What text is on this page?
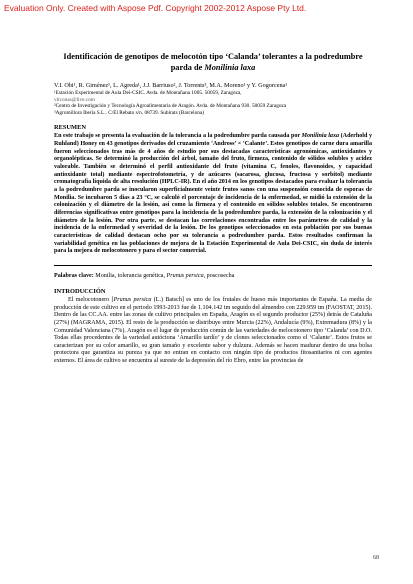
Evaluation Only. Created with Aspose Pdf. Copyright 2002-2012 Aspose Pty Ltd.

Identificación de genotipos de melocotón tipo ‘Calanda’ tolerantes a la podredumbre parda de Monilinia laxa

V.I. Obi¹, R. Giménez¹, L. Agreda¹, J.J. Barriuso², J. Torrents³, M.A. Moreno¹ y Y. Gogorcena¹

¹Estación Experimental de Aula Dei-CSIC. Avda. de Montañana 1005. 50059, Zaragoza,

vitconas@live.com

²Centro de Investigación y Tecnología Agroalimentaria de Aragón. Avda. de Montañana 930. 50059 Zaragoza

³Agromillora Iberia S.L.. C/El Rebato s/n. 08739. Subirats (Barcelona)

RESUMEN

En este trabajo se presenta la evaluación de la tolerancia a la podredumbre parda causada por Monilinia laxa (Aderhold y Ruhland) Honey en 43 genotipos derivados del cruzamiento ‘Andross’ × ‘Calante’. Estos genotipos de carne dura amarilla fueron seleccionados tras más de 4 años de estudio por sus destacadas características agronómicas, antioxidantes y organolépticas. Se determinó la producción del árbol, tamaño del fruto, firmeza, contenido de sólidos solubles y acidez valorable. También se determinó el perfil antioxidante del fruto (vitamina C, fenoles, flavonoides, y capacidad antioxidante total) mediante espectrofotometría, y de azúcares (sacarosa, glucosa, fructosa y sorbitol) mediante cromatografía líquida de alta resolución (HPLC-IR). En el año 2014 en los genotipos destacados para evaluar la tolerancia a la podredumbre parda se inocularon superficialmente veinte frutos sanos con una suspensión conocida de esporas de Monilia. Se incubaron 5 días a 23 °C, se calculó el porcentaje de incidencia de la enfermedad, se midió la extensión de la colonización y el diámetro de la lesión, así como la firmeza y el contenido en sólidos solubles totales. Se encontraron diferencias significativas entre genotipos para la incidencia de la podredumbre parda, la extensión de la colonización y el diámetro de la lesión. Por otra parte, se destacan las correlaciones encontradas entre los parámetros de calidad y la incidencia de la enfermedad y severidad de la lesión. De los genotipos seleccionados en esta población por sus buenas características de calidad destacan ocho por su tolerancia a podredumbre parda. Estos resultados confirman la variabilidad genética en las poblaciones de mejora de la Estación Experimental de Aula Dei-CSIC, sin duda de interés para la mejora de melocotonero y para el sector comercial.

Palabras clave: Monilia, tolerancia genética, Prunus persica, poscosecha

INTRODUCCIÓN

El melocotonero [Prunus persica (L.) Batsch] es uno de los frutales de hueso más importantes de España. La media de producción de este cultivo en el periodo 1993-2013 fue de 1.104.142 tm seguido del almendro con 229.959 tm (FAOSTAT, 2015). Dentro de las CC.AA. entre las zonas de cultivo principales en España, Aragón es el segundo productor (25%) detrás de Cataluña (27%) (MAGRAMA, 2015). El resto de la producción se distribuye entre Murcia (22%), Andalucía (9%), Extremadura (8%) y la Comunidad Valenciana (7%). Aragón es el lugar de producción común de las variedades de melocotonero tipo ‘Calanda’ con D.O. Todas ellas procedentes de la variedad autóctona ‘Amarillo tardío’ y de clones seleccionados como el ‘Calante’. Estos frutos se caracterizan por su color amarillo, su gran tamaño y excelente sabor y dulzura. Además se hacen madurar dentro de una bolsa protectora que garantiza su pureza ya que no entran en contacto con ningún tipo de productos fitosanitarios ni con agentes externos. El área de cultivo se encuentra al sureste de la depresión del río Ebro, entre las provincias de

68
